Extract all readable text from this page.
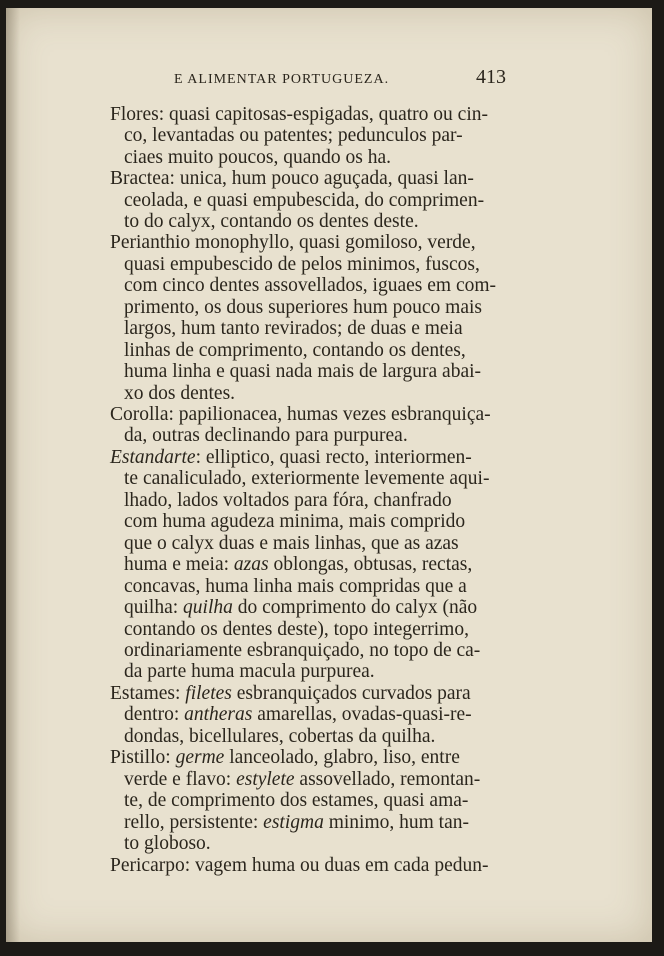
E ALIMENTAR PORTUGUEZA.	413
Flores: quasi capitosas-espigadas, quatro ou cin-
co, levantadas ou patentes; pedunculos par-
ciaes muito poucos, quando os ha.
Bractea: unica, hum pouco aguçada, quasi lan-
ceolada, e quasi empubescida, do comprimen-
to do calyx, contando os dentes deste.
Perianthio monophyllo, quasi gomiloso, verde,
quasi empubescido de pelos minimos, fuscos,
com cinco dentes assovellados, iguaes em com-
primento, os dous superiores hum pouco mais
largos, hum tanto revirados; de duas e meia
linhas de comprimento, contando os dentes,
huma linha e quasi nada mais de largura abai-
xo dos dentes.
Corolla: papilionacea, humas vezes esbranquiça-
da, outras declinando para purpurea.
Estandarte: elliptico, quasi recto, interiormen-
te canaliculado, exteriormente levemente aqui-
lhado, lados voltados para fóra, chanfrado
com huma agudeza minima, mais comprido
que o calyx duas e mais linhas, que as azas
huma e meia: azas oblongas, obtusas, rectas,
concavas, huma linha mais compridas que a
quilha: quilha do comprimento do calyx (não
contando os dentes deste), topo integerrimo,
ordinariamente esbranquiçado, no topo de ca-
da parte huma macula purpurea.
Estames: filetes esbranquiçados curvados para
dentro: antheras amarellas, ovadas-quasi-re-
dondas, bicellulares, cobertas da quilha.
Pistillo: germe lanceolado, glabro, liso, entre
verde e flavo: estylete assovellado, remontan-
te, de comprimento dos estames, quasi ama-
rello, persistente: estigma minimo, hum tan-
to globoso.
Pericarpo: vagem huma ou duas em cada pedun-
